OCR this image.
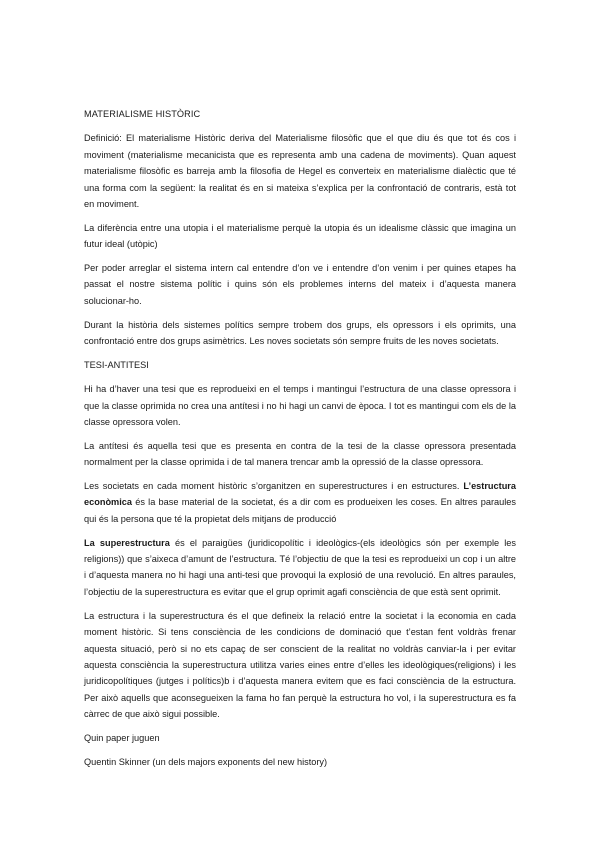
MATERIALISME HISTÒRIC

Definició: El materialisme Històric deriva del Materialisme filosòfic que el que diu és que tot és cos i moviment (materialisme mecanicista que es representa amb una cadena de moviments). Quan aquest materialisme filosòfic es barreja amb la filosofia de Hegel es converteix en materialisme dialèctic que té una forma com la següent: la realitat és en si mateixa s’explica per la confrontació de contraris, està tot en moviment.

La diferència entre una utopia i el materialisme perquè la utopia és un idealisme clàssic que imagina un futur ideal (utòpic)

Per poder arreglar el sistema intern cal entendre d’on ve i entendre d’on venim i per quines etapes ha passat el nostre sistema polític i quins són els problemes interns del mateix i d’aquesta manera solucionar-ho.

Durant la història dels sistemes polítics sempre trobem dos grups, els opressors i els oprimits, una confrontació entre dos grups asimètrics. Les noves societats són sempre fruits de les noves societats.

TESI-ANTITESI

Hi ha d’haver una tesi que es reprodueixi en el temps i mantingui l’estructura de una classe opressora i que la classe oprimida no crea una antítesi i no hi hagi un canvi de època. I tot es mantingui com els de la classe opressora volen.

La antítesi és aquella tesi que es presenta en contra de la tesi de la classe opressora presentada normalment per la classe oprimida i de tal manera trencar amb la opressió de la classe opressora.

Les societats en cada moment històric s’organitzen en superestructures i en estructures. L’estructura econòmica és la base material de la societat, és a dir com es produeixen les coses. En altres paraules qui és la persona que té la propietat dels mitjans de producció

La superestructura és el paraigües (juridicopolític i ideològics-(els ideològics són per exemple les religions)) que s’aixeca d’amunt de l’estructura. Té l’objectiu de que la tesi es reprodueixi un cop i un altre i d’aquesta manera no hi hagi una anti-tesi que provoqui la explosió de una revolució. En altres paraules, l’objectiu de la superestructura es evitar que el grup oprimit agafi consciència de que està sent oprimit.

La estructura i la superestructura és el que defineix la relació entre la societat i la economia en cada moment històric. Si tens consciència de les condicions de dominació que t’estan fent voldràs frenar aquesta situació, però si no ets capaç de ser conscient de la realitat no voldràs canviar-la i per evitar aquesta consciència la superestructura utilitza varies eines entre d’elles les ideològiques(religions) i les juridicopolítiques (jutges i polítics)b i d’aquesta manera evitem que es faci consciència de la estructura. Per això aquells que aconsegueixen la fama ho fan perquè la estructura ho vol, i la superestructura es fa càrrec de que això sigui possible.

Quin paper juguen

Quentin Skinner (un dels majors exponents del new history)
